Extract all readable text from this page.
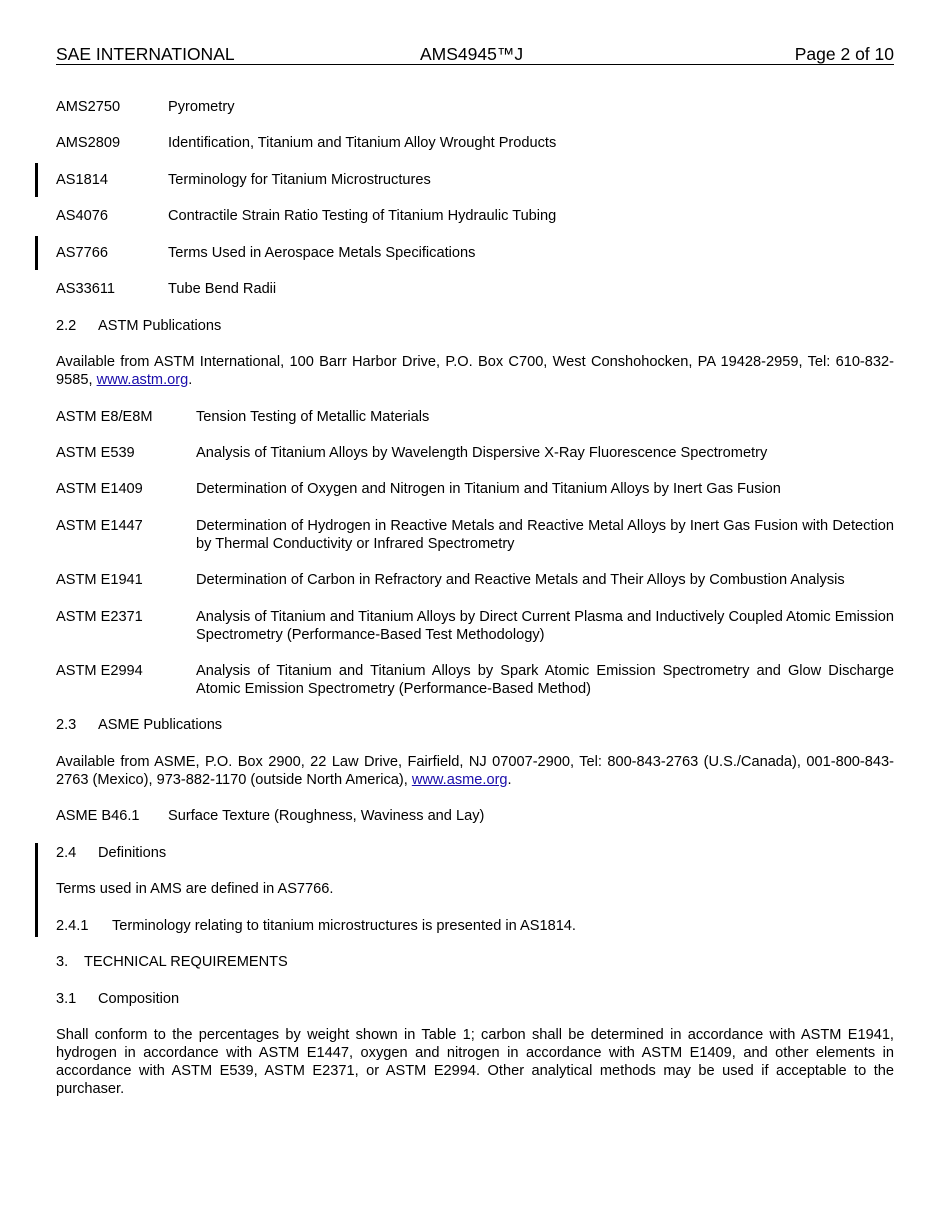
SAE INTERNATIONAL	AMS4945™J	Page 2 of 10
AMS2750	Pyrometry
AMS2809	Identification, Titanium and Titanium Alloy Wrought Products
AS1814	Terminology for Titanium Microstructures
AS4076	Contractile Strain Ratio Testing of Titanium Hydraulic Tubing
AS7766	Terms Used in Aerospace Metals Specifications
AS33611	Tube Bend Radii
2.2 ASTM Publications
Available from ASTM International, 100 Barr Harbor Drive, P.O. Box C700, West Conshohocken, PA 19428-2959, Tel: 610-832-9585, www.astm.org.
ASTM E8/E8M	Tension Testing of Metallic Materials
ASTM E539	Analysis of Titanium Alloys by Wavelength Dispersive X-Ray Fluorescence Spectrometry
ASTM E1409	Determination of Oxygen and Nitrogen in Titanium and Titanium Alloys by Inert Gas Fusion
ASTM E1447	Determination of Hydrogen in Reactive Metals and Reactive Metal Alloys by Inert Gas Fusion with Detection by Thermal Conductivity or Infrared Spectrometry
ASTM E1941	Determination of Carbon in Refractory and Reactive Metals and Their Alloys by Combustion Analysis
ASTM E2371	Analysis of Titanium and Titanium Alloys by Direct Current Plasma and Inductively Coupled Atomic Emission Spectrometry (Performance-Based Test Methodology)
ASTM E2994	Analysis of Titanium and Titanium Alloys by Spark Atomic Emission Spectrometry and Glow Discharge Atomic Emission Spectrometry (Performance-Based Method)
2.3 ASME Publications
Available from ASME, P.O. Box 2900, 22 Law Drive, Fairfield, NJ 07007-2900, Tel: 800-843-2763 (U.S./Canada), 001-800-843-2763 (Mexico), 973-882-1170 (outside North America), www.asme.org.
ASME B46.1 Surface Texture (Roughness, Waviness and Lay)
2.4 Definitions
Terms used in AMS are defined in AS7766.
2.4.1 Terminology relating to titanium microstructures is presented in AS1814.
3. TECHNICAL REQUIREMENTS
3.1 Composition
Shall conform to the percentages by weight shown in Table 1; carbon shall be determined in accordance with ASTM E1941, hydrogen in accordance with ASTM E1447, oxygen and nitrogen in accordance with ASTM E1409, and other elements in accordance with ASTM E539, ASTM E2371, or ASTM E2994. Other analytical methods may be used if acceptable to the purchaser.
